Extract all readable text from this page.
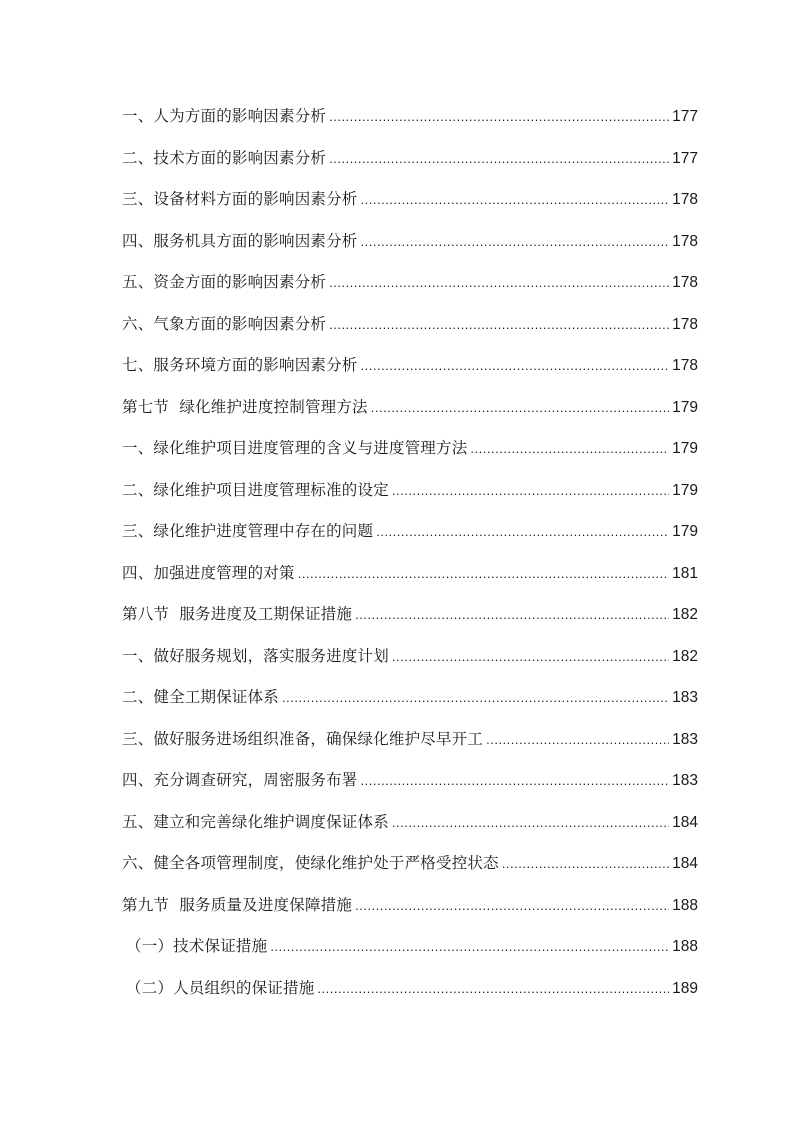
一、人为方面的影响因素分析 .....	177
二、技术方面的影响因素分析 .....	177
三、设备材料方面的影响因素分析 .....	178
四、服务机具方面的影响因素分析 .....	178
五、资金方面的影响因素分析 .....	178
六、气象方面的影响因素分析 .....	178
七、服务环境方面的影响因素分析 .....	178
第七节  绿化维护进度控制管理方法 .....	179
一、绿化维护项目进度管理的含义与进度管理方法 .....	179
二、绿化维护项目进度管理标准的设定 .....	179
三、绿化维护进度管理中存在的问题 .....	179
四、加强进度管理的对策 .....	181
第八节  服务进度及工期保证措施 .....	182
一、做好服务规划，落实服务进度计划 .....	182
二、健全工期保证体系 .....	183
三、做好服务进场组织准备，确保绿化维护尽早开工 .....	183
四、充分调查研究，周密服务布署 .....	183
五、建立和完善绿化维护调度保证体系 .....	184
六、健全各项管理制度，使绿化维护处于严格受控状态 .....	184
第九节  服务质量及进度保障措施 .....	188
（一）技术保证措施 .....	188
（二）人员组织的保证措施 .....	189
